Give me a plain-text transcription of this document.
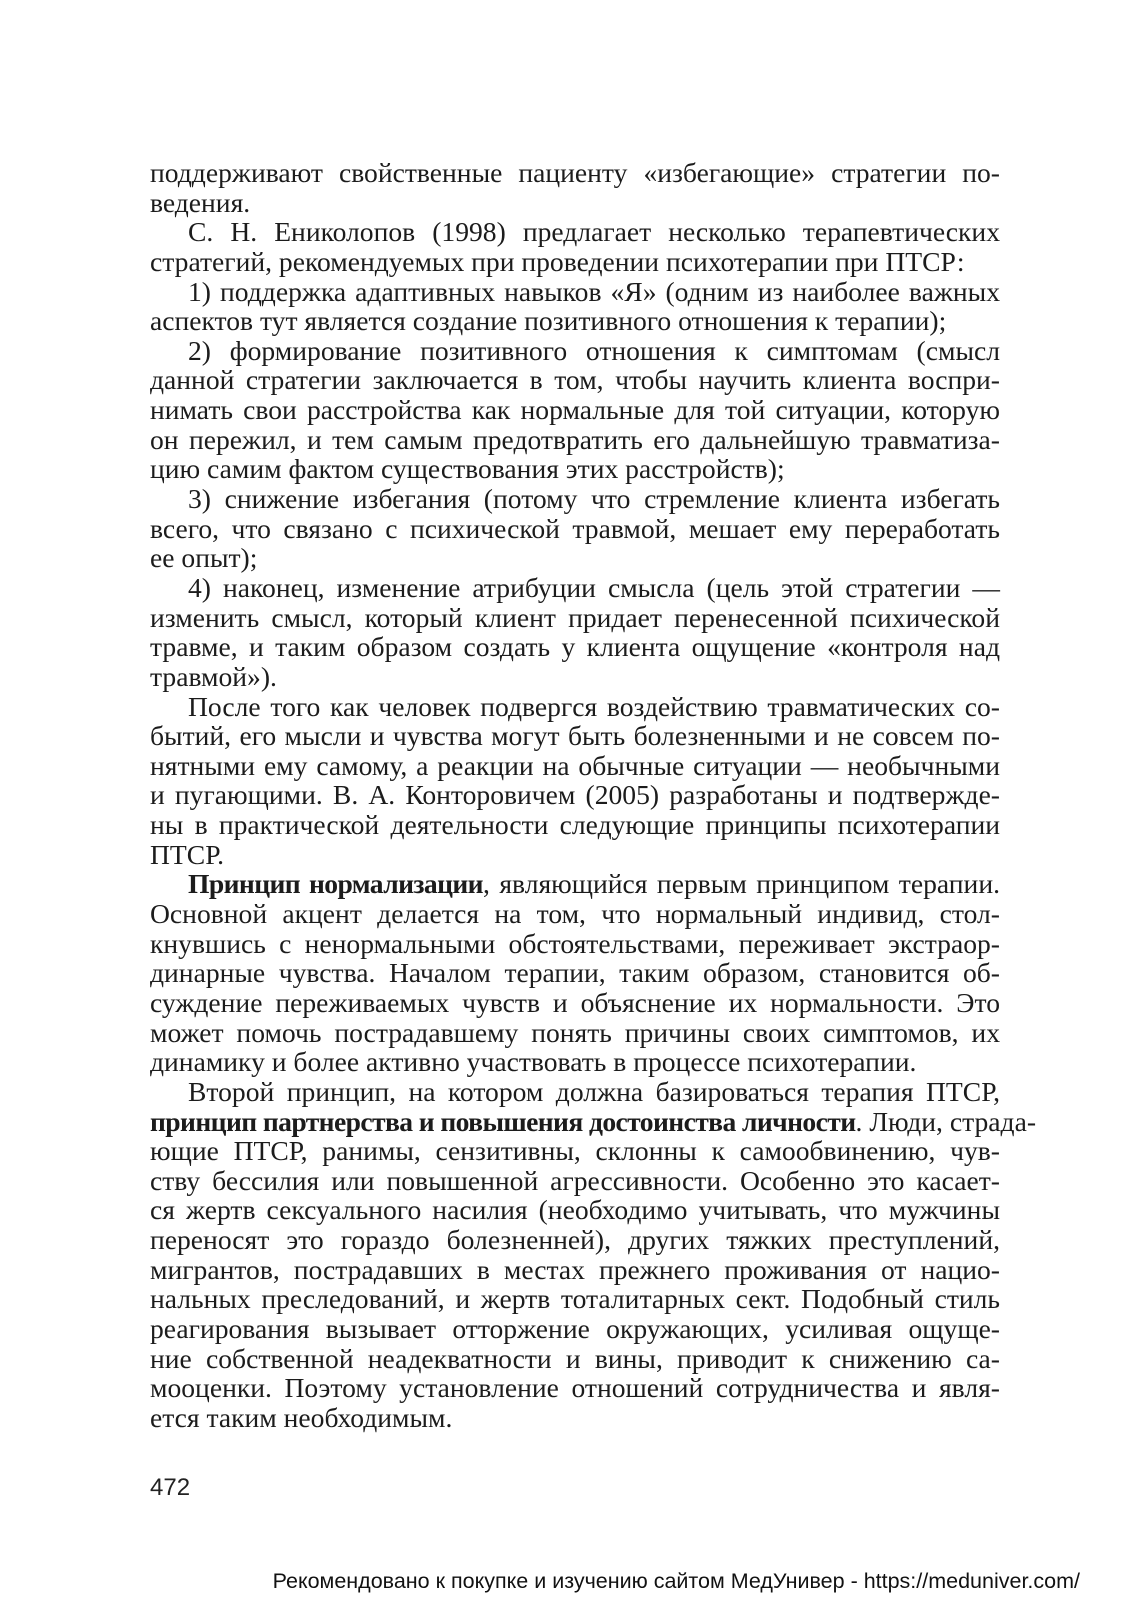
поддерживают свойственные пациенту «избегающие» стратегии по-
ведения.
С. Н. Ениколопов (1998) предлагает несколько терапевтических
стратегий, рекомендуемых при проведении психотерапии при ПТСР:
1) поддержка адаптивных навыков «Я» (одним из наиболее важных
аспектов тут является создание позитивного отношения к терапии);
2) формирование позитивного отношения к симптомам (смысл
данной стратегии заключается в том, чтобы научить клиента воспри-
нимать свои расстройства как нормальные для той ситуации, которую
он пережил, и тем самым предотвратить его дальнейшую травматиза-
цию самим фактом существования этих расстройств);
3) снижение избегания (потому что стремление клиента избегать
всего, что связано с психической травмой, мешает ему переработать
ее опыт);
4) наконец, изменение атрибуции смысла (цель этой стратегии —
изменить смысл, который клиент придает перенесенной психической
травме, и таким образом создать у клиента ощущение «контроля над
травмой»).
После того как человек подвергся воздействию травматических со-
бытий, его мысли и чувства могут быть болезненными и не совсем по-
нятными ему самому, а реакции на обычные ситуации — необычными
и пугающими. В. А. Конторовичем (2005) разработаны и подтвержде-
ны в практической деятельности следующие принципы психотерапии
ПТСР.
Принцип нормализации, являющийся первым принципом терапии.
Основной акцент делается на том, что нормальный индивид, стол-
кнувшись с ненормальными обстоятельствами, переживает экстраор-
динарные чувства. Началом терапии, таким образом, становится об-
суждение переживаемых чувств и объяснение их нормальности. Это
может помочь пострадавшему понять причины своих симптомов, их
динамику и более активно участвовать в процессе психотерапии.
Второй принцип, на котором должна базироваться терапия ПТСР,
принцип партнерства и повышения достоинства личности. Люди, страда-
ющие ПТСР, ранимы, сензитивны, склонны к самообвинению, чув-
ству бессилия или повышенной агрессивности. Особенно это касает-
ся жертв сексуального насилия (необходимо учитывать, что мужчины
переносят это гораздо болезненней), других тяжких преступлений,
мигрантов, пострадавших в местах прежнего проживания от нацио-
нальных преследований, и жертв тоталитарных сект. Подобный стиль
реагирования вызывает отторжение окружающих, усиливая ощуще-
ние собственной неадекватности и вины, приводит к снижению са-
мооценки. Поэтому установление отношений сотрудничества и явля-
ется таким необходимым.
472
Рекомендовано к покупке и изучению сайтом МедУнивер - https://meduniver.com/
